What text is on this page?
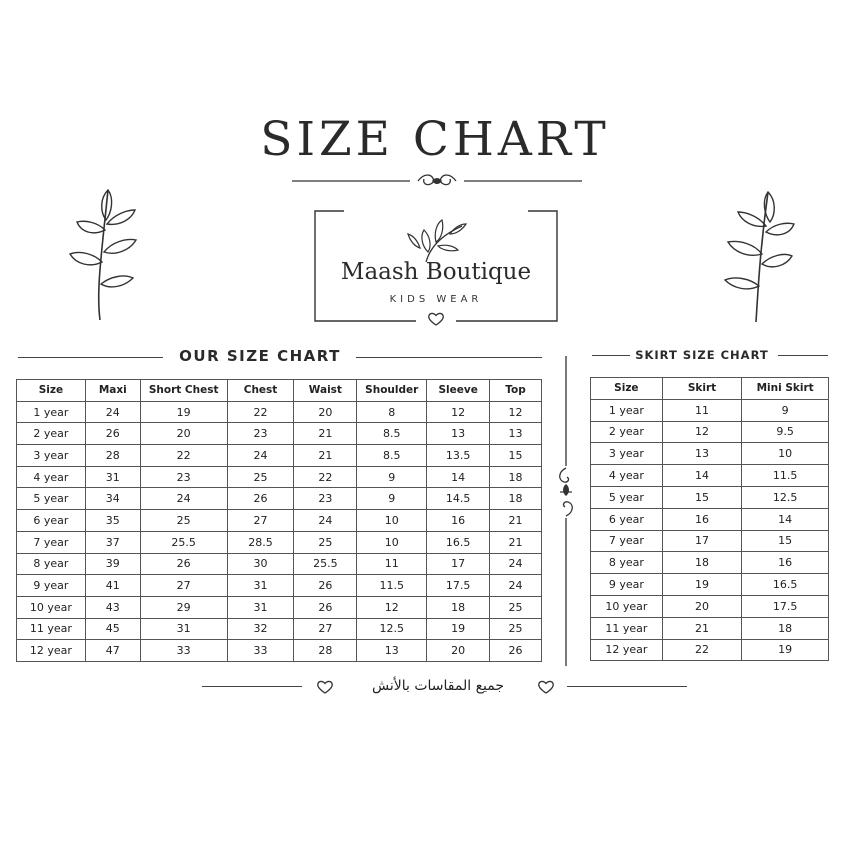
SIZE CHART
Maash Boutique
KIDS WEAR
OUR SIZE CHART
Size	Maxi	Short Chest	Chest	Waist	Shoulder	Sleeve	Top
1 year	24	19	22	20	8	12	12
2 year	26	20	23	21	8.5	13	13
3 year	28	22	24	21	8.5	13.5	15
4 year	31	23	25	22	9	14	18
5 year	34	24	26	23	9	14.5	18
6 year	35	25	27	24	10	16	21
7 year	37	25.5	28.5	25	10	16.5	21
8 year	39	26	30	25.5	11	17	24
9 year	41	27	31	26	11.5	17.5	24
10 year	43	29	31	26	12	18	25
11 year	45	31	32	27	12.5	19	25
12 year	47	33	33	28	13	20	26
SKIRT SIZE CHART
Size	Skirt	Mini Skirt
1 year	11	9
2 year	12	9.5
3 year	13	10
4 year	14	11.5
5 year	15	12.5
6 year	16	14
7 year	17	15
8 year	18	16
9 year	19	16.5
10 year	20	17.5
11 year	21	18
12 year	22	19
جميع المقاسات بالأنش
